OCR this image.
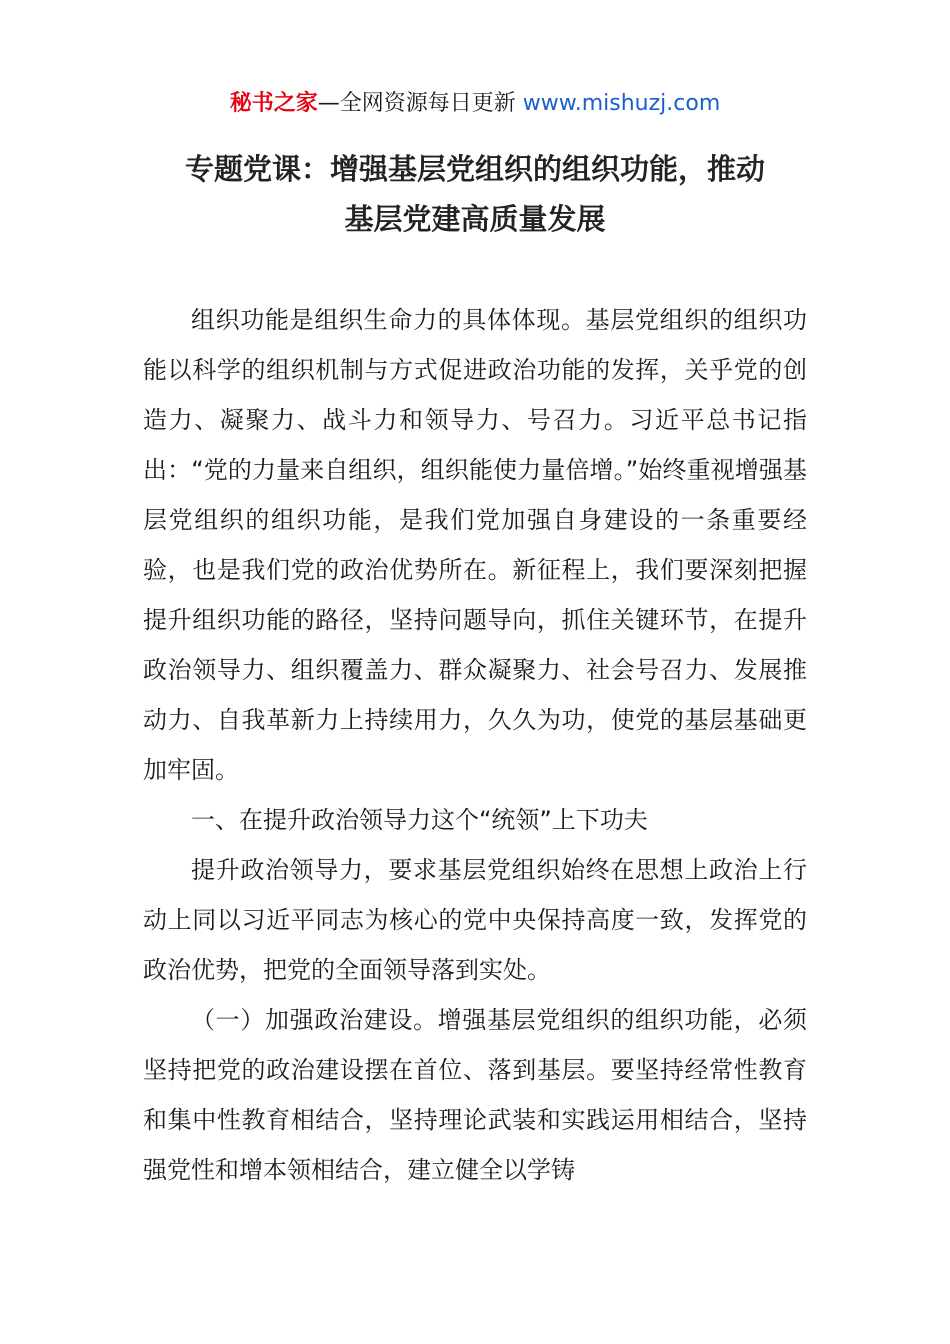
秘书之家—全网资源每日更新 www.mishuzj.com
专题党课：增强基层党组织的组织功能，推动
基层党建高质量发展

组织功能是组织生命力的具体体现。基层党组织的组织功能以科学的组织机制与方式促进政治功能的发挥，关乎党的创造力、凝聚力、战斗力和领导力、号召力。习近平总书记指出：“党的力量来自组织，组织能使力量倍增。”始终重视增强基层党组织的组织功能，是我们党加强自身建设的一条重要经验，也是我们党的政治优势所在。新征程上，我们要深刻把握提升组织功能的路径，坚持问题导向，抓住关键环节，在提升政治领导力、组织覆盖力、群众凝聚力、社会号召力、发展推动力、自我革新力上持续用力，久久为功，使党的基层基础更加牢固。

一、在提升政治领导力这个“统领”上下功夫

提升政治领导力，要求基层党组织始终在思想上政治上行动上同以习近平同志为核心的党中央保持高度一致，发挥党的政治优势，把党的全面领导落到实处。

（一）加强政治建设。增强基层党组织的组织功能，必须坚持把党的政治建设摆在首位、落到基层。要坚持经常性教育和集中性教育相结合，坚持理论武装和实践运用相结合，坚持强党性和增本领相结合，建立健全以学铸
